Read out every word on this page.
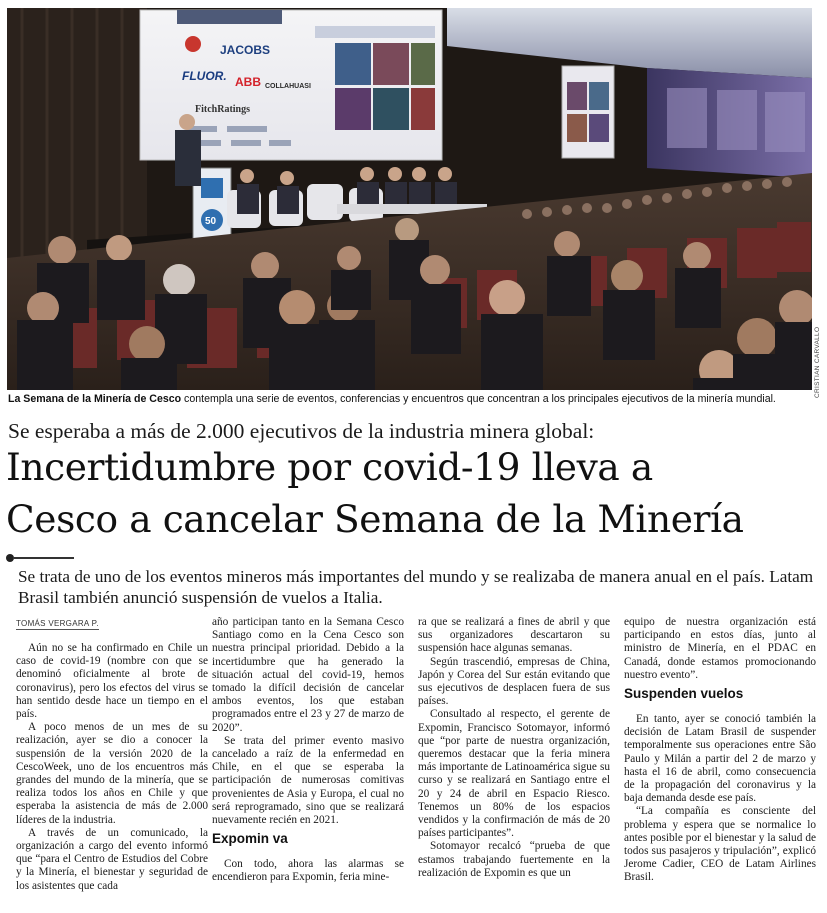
JACOBS
FLUOR. ABB COLLAHUASI
FitchRatings
50
CRISTIAN CARVALLO
La Semana de la Minería de Cesco contempla una serie de eventos, conferencias y encuentros que concentran a los principales ejecutivos de la minería mundial.
Se esperaba a más de 2.000 ejecutivos de la industria minera global:
Incertidumbre por covid-19 lleva a
Cesco a cancelar Semana de la Minería
Se trata de uno de los eventos mineros más importantes del mundo y se realizaba de manera anual en el país. Latam Brasil también anunció suspensión de vuelos a Italia.
TOMÁS VERGARA P.

Aún no se ha confirmado en Chile un caso de covid-19 (nombre con que se denominó oficialmente al brote de coronavirus), pero los efectos del virus se han sentido desde hace un tiempo en el país.

A poco menos de un mes de su realización, ayer se dio a conocer la suspensión de la versión 2020 de la CescoWeek, uno de los encuentros más grandes del mundo de la minería, que se realiza todos los años en Chile y que esperaba la asistencia de más de 2.000 líderes de la industria.

A través de un comunicado, la organización a cargo del evento informó que “para el Centro de Estudios del Cobre y la Minería, el bienestar y seguridad de los asistentes que cada

año participan tanto en la Semana Cesco Santiago como en la Cena Cesco son nuestra principal prioridad. Debido a la incertidumbre que ha generado la situación actual del covid-19, hemos tomado la difícil decisión de cancelar ambos eventos, los que estaban programados entre el 23 y 27 de marzo de 2020”.

Se trata del primer evento masivo cancelado a raíz de la enfermedad en Chile, en el que se esperaba la participación de numerosas comitivas provenientes de Asia y Europa, el cual no será reprogramado, sino que se realizará nuevamente recién en 2021.

Expomin va

Con todo, ahora las alarmas se encendieron para Expomin, feria mine-

ra que se realizará a fines de abril y que sus organizadores descartaron su suspensión hace algunas semanas.

Según trascendió, empresas de China, Japón y Corea del Sur están evitando que sus ejecutivos de desplacen fuera de sus países.

Consultado al respecto, el gerente de Expomin, Francisco Sotomayor, informó que “por parte de nuestra organización, queremos destacar que la feria minera más importante de Latinoamérica sigue su curso y se realizará en Santiago entre el 20 y 24 de abril en Espacio Riesco. Tenemos un 80% de los espacios vendidos y la confirmación de más de 20 países participantes”.

Sotomayor recalcó “prueba de que estamos trabajando fuertemente en la realización de Expomin es que un

equipo de nuestra organización está participando en estos días, junto al ministro de Minería, en el PDAC en Canadá, donde estamos promocionando nuestro evento”.

Suspenden vuelos

En tanto, ayer se conoció también la decisión de Latam Brasil de suspender temporalmente sus operaciones entre São Paulo y Milán a partir del 2 de marzo y hasta el 16 de abril, como consecuencia de la propagación del coronavirus y la baja demanda desde ese país.

“La compañía es consciente del problema y espera que se normalice lo antes posible por el bienestar y la salud de todos sus pasajeros y tripulación”, explicó Jerome Cadier, CEO de Latam Airlines Brasil.
